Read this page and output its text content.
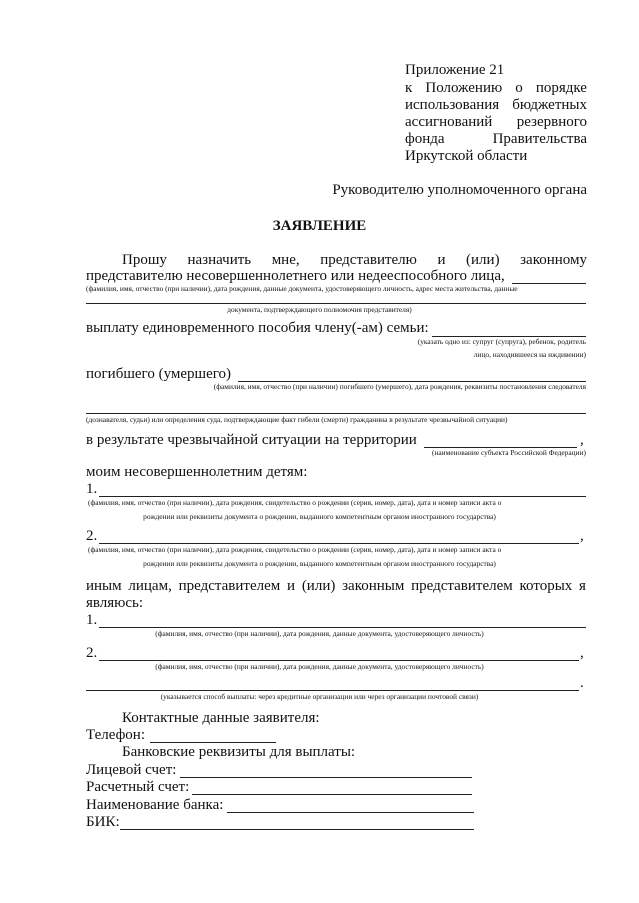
Приложение 21
к Положению о порядке
использования бюджетных
ассигнований резервного
фонда	Правительства
Иркутской области
Руководителю уполномоченного органа
ЗАЯВЛЕНИЕ
Прошу назначить мне, представителю и (или) законному
представителю несовершеннолетнего или недееспособного лица,
(фамилия, имя, отчество (при наличии), дата рождения, данные документа, удостоверяющего личность, адрес места жительства, данные
документа, подтверждающего полномочия представителя)
выплату единовременного пособия члену(-ам) семьи:
(указать одно из: супруг (супруга), ребенок, родитель
лицо, находившееся на иждивении)
погибшего (умершего)
(фамилия, имя, отчество (при наличии) погибшего (умершего), дата рождения, реквизиты постановления следователя
(дознавателя, судьи) или определения суда, подтверждающие факт гибели (смерти) гражданина в результате чрезвычайной ситуации)
в результате чрезвычайной ситуации на территории	,
(наименование субъекта Российской Федерации)
моим несовершеннолетним детям:
1.
(фамилия, имя, отчество (при наличии), дата рождения, свидетельство о рождении (серия, номер, дата), дата и номер записи акта о
рождении или реквизиты документа о рождении, выданного компетентным органом иностранного государства)
2.	,
(фамилия, имя, отчество (при наличии), дата рождения, свидетельство о рождении (серия, номер, дата), дата и номер записи акта о
рождении или реквизиты документа о рождении, выданного компетентным органом иностранного государства)
иным лицам, представителем и (или) законным представителем которых я
являюсь:
1.
(фамилия, имя, отчество (при наличии), дата рождения, данные документа, удостоверяющего личность)
2.	,
(фамилия, имя, отчество (при наличии), дата рождения, данные документа, удостоверяющего личность)
.
(указывается способ выплаты: через кредитные организации или через организации почтовой связи)
Контактные данные заявителя:
Телефон:
Банковские реквизиты для выплаты:
Лицевой счет:
Расчетный счет:
Наименование банка:
БИК:
